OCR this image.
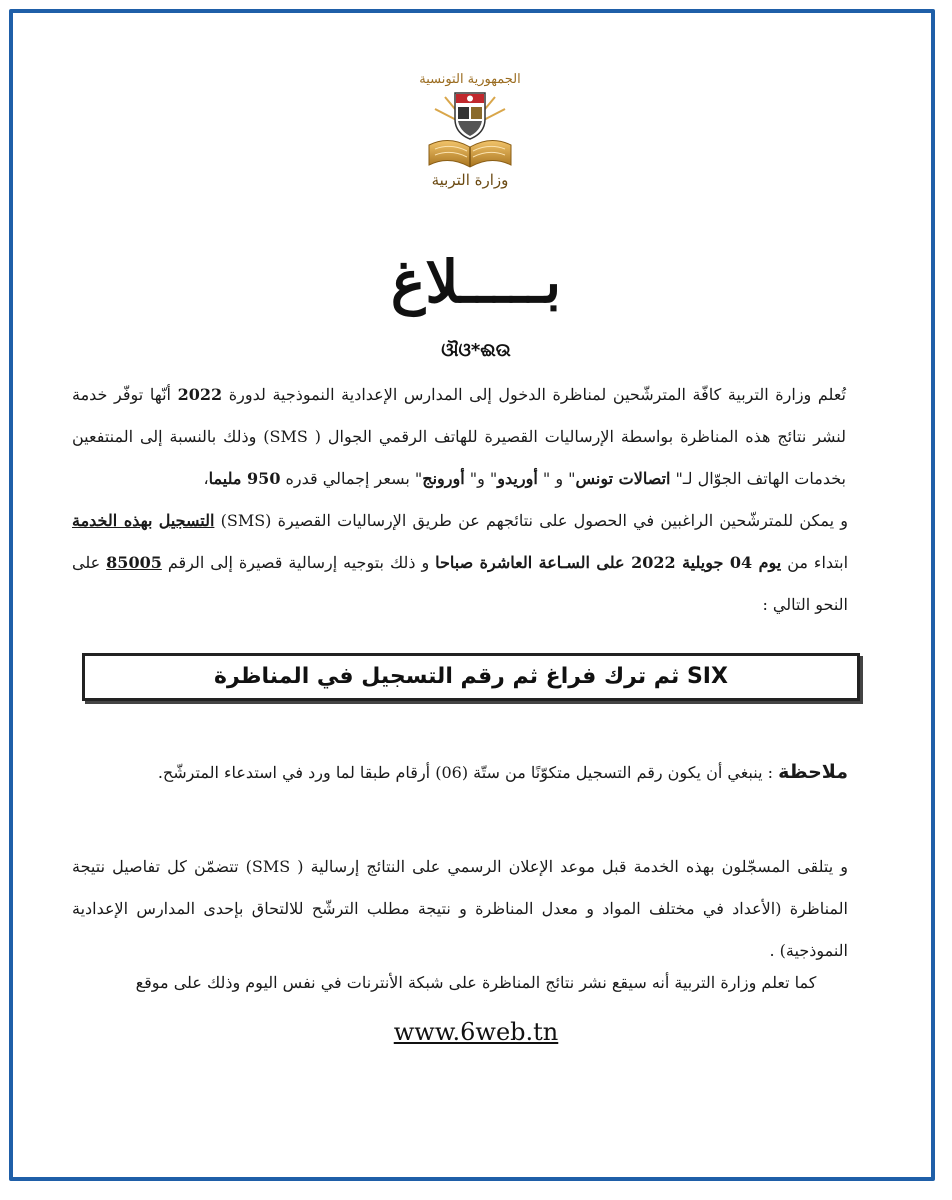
الجمهورية التونسية
وزارة التربية
بـــــلاغ
ଔଓ*ଈଉ
تُعلم وزارة التربية كافّة المترشّحين لمناظرة الدخول إلى المدارس الإعدادية النموذجية لدورة 2022 أنّها توفّر خدمة لنشر نتائج هذه المناظرة بواسطة الإرساليات القصيرة للهاتف الرقمي الجوال ( SMS) وذلك بالنسبة إلى المنتفعين بخدمات الهاتف الجوّال لـ" اتصالات تونس" و " أوريدو" و" أورونج" بسعر إجمالي قدره 950 مليما،
و يمكن للمترشّحين الراغبين في الحصول على نتائجهم عن طريق الإرساليات القصيرة (SMS) التسجيل بهذه الخدمة ابتداء من يوم 04 جويلية 2022 على السـاعة العاشرة صباحا و ذلك بتوجيه إرسالية قصيرة إلى الرقم 85005 على النحو التالي :
SIX ثم ترك فراغ ثم رقم التسجيل في المناظرة
ملاحظة : ينبغي أن يكون رقم التسجيل متكوّنًا من ستّة (06) أرقام طبقا لما ورد في استدعاء المترشّح.
و يتلقى المسجّلون بهذه الخدمة قبل موعد الإعلان الرسمي على النتائج إرسالية ( SMS) تتضمّن كل تفاصيل نتيجة المناظرة (الأعداد في مختلف المواد و معدل المناظرة و نتيجة مطلب الترشّح للالتحاق بإحدى المدارس الإعدادية النموذجية) .
كما تعلم وزارة التربية أنه سيقع نشر نتائج المناظرة على شبكة الأنترنات في نفس اليوم وذلك على موقع
www.6web.tn
